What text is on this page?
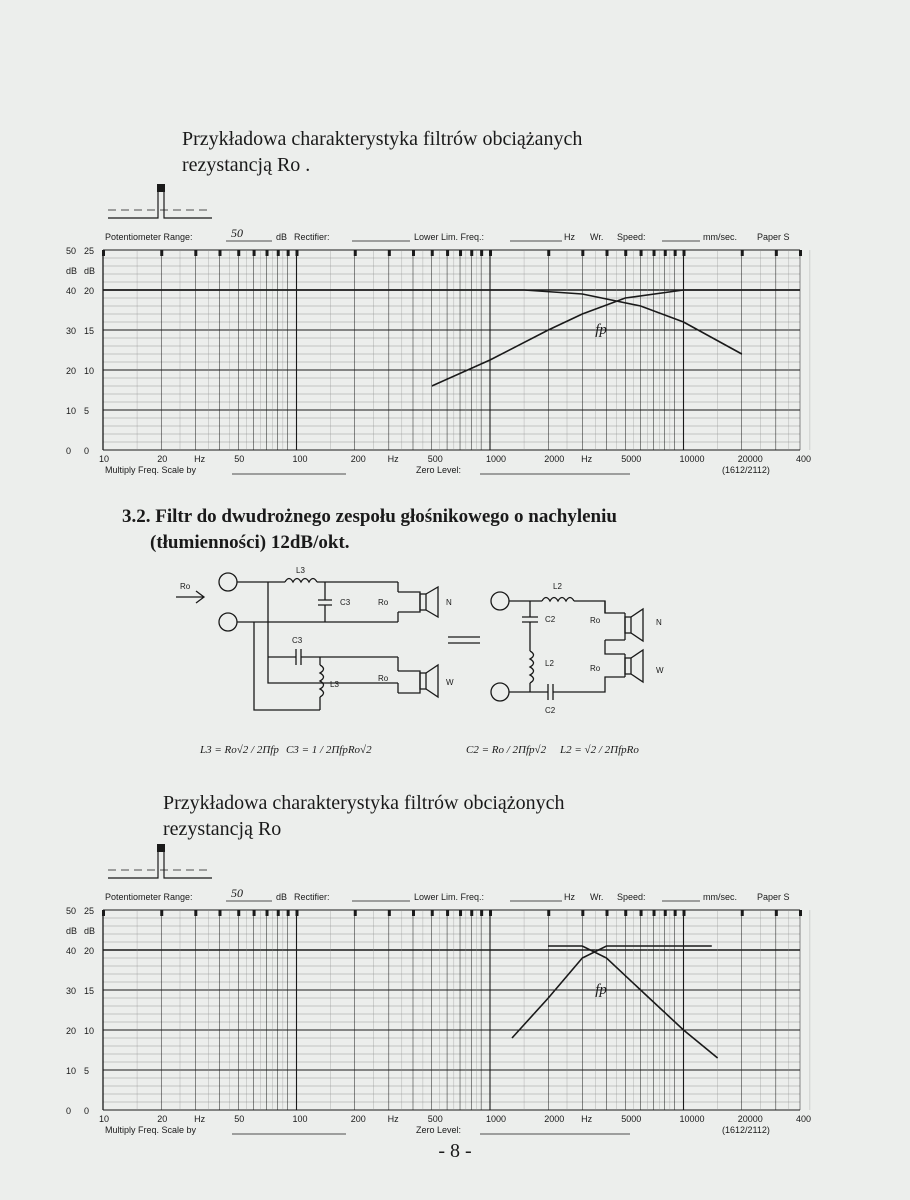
Przykładowa charakterystyka filtrów obciążanych
rezystancją Ro .
Potentiometer Range:	50	dB Rectifier:	Lower Lim. Freq.:	Hz Wr. Speed:	mm/sec. Paper S
50 25
dB dB
40 20
30 15
20 10
10 5
0 0
10	20	Hz	50	100	200 Hz	500	1000	2000 Hz	5000	10000	20000	400
Multiply Freq. Scale by	Zero Level:	(1612/2112)
fp
3.2. Filtr do dwudrożnego zespołu głośnikowego o nachyleniu
(tłumienności) 12dB/okt.
Ro
L3
C3	Ro	N
C3
L3
Ro	W
L2
C2	Ro	N
L2
Ro	W
C2
L3 = Ro√2 / 2Πfp C3 = 1 / 2ΠfpRo√2	C2 = Ro / 2Πfp√2 L2 = √2 / 2ΠfpRo
Przykładowa charakterystyka filtrów obciążonych
rezystancją Ro
Potentiometer Range:	50	dB Rectifier:	Lower Lim. Freq.:	Hz Wr. Speed:	mm/sec. Paper S
50 25
dB dB
40 20
30 15
20 10
10 5
0 0
10	20	Hz	50	100	200 Hz	500	1000	2000 Hz	5000	10000	20000	400
Multiply Freq. Scale by	Zero Level:	(1612/2112)
fp
- 8 -
